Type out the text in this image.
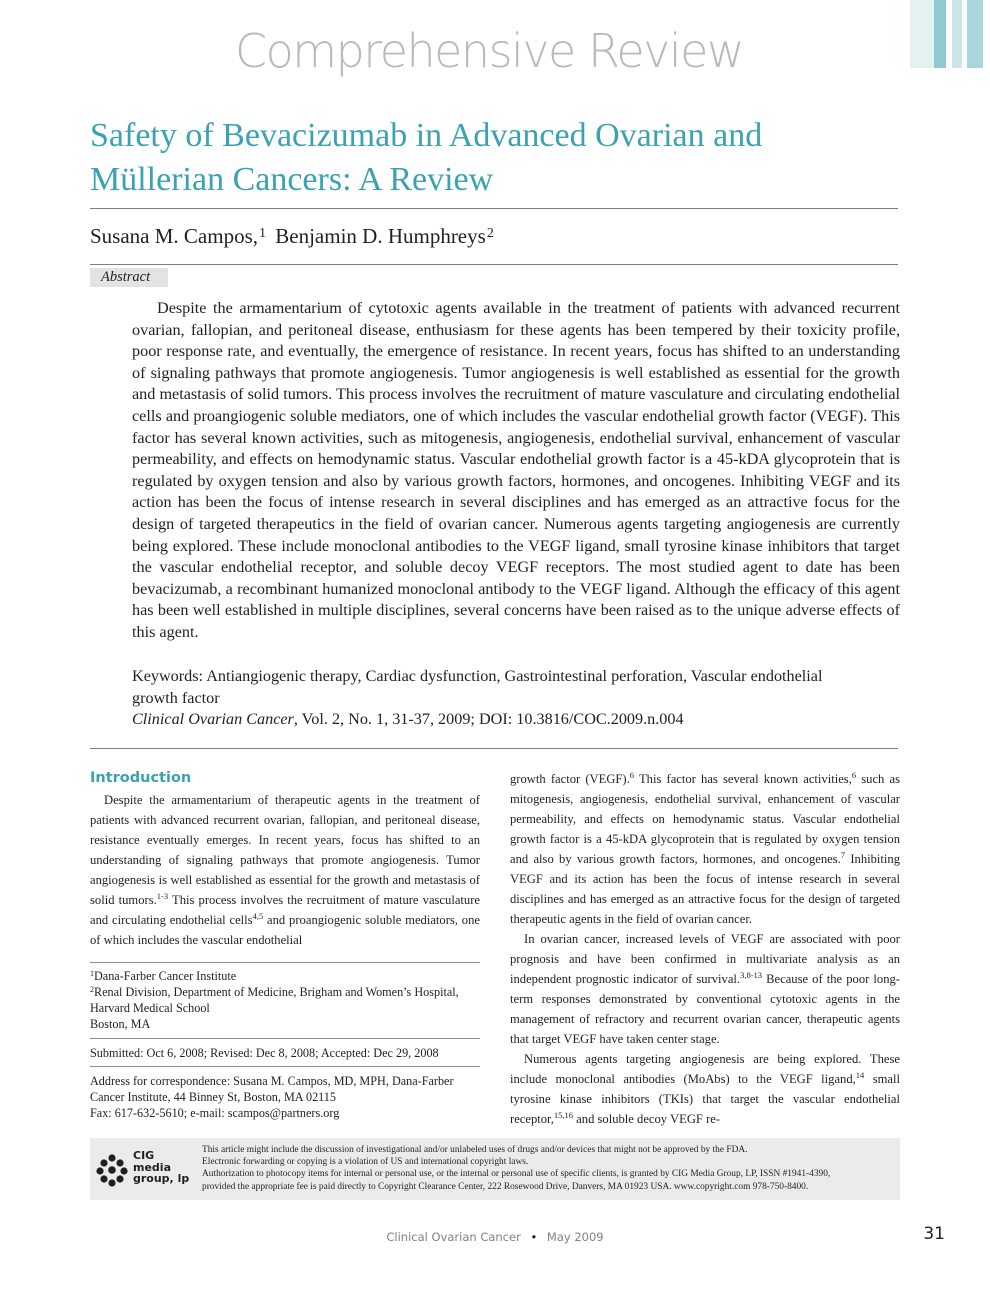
Comprehensive Review
Safety of Bevacizumab in Advanced Ovarian and
Müllerian Cancers: A Review
Susana M. Campos,$^1$ Benjamin D. Humphreys$^2$
Abstract

Despite the armamentarium of cytotoxic agents available in the treatment of patients with advanced recurrent ovarian, fallopian, and peritoneal disease, enthusiasm for these agents has been tempered by their toxicity profile, poor response rate, and eventually, the emergence of resistance. In recent years, focus has shifted to an understanding of signaling pathways that promote angiogenesis. Tumor angiogenesis is well established as essential for the growth and metastasis of solid tumors. This process involves the recruitment of mature vasculature and circulating endothelial cells and proangiogenic soluble mediators, one of which includes the vascular endothelial growth factor (VEGF). This factor has several known activities, such as mitogenesis, angiogenesis, endothelial survival, enhancement of vascular permeability, and effects on hemodynamic status. Vascular endothelial growth factor is a 45-kDA glycoprotein that is regulated by oxygen tension and also by various growth factors, hormones, and oncogenes. Inhibiting VEGF and its action has been the focus of intense research in several disciplines and has emerged as an attractive focus for the design of targeted therapeutics in the field of ovarian cancer. Numerous agents targeting angiogenesis are currently being explored. These include monoclonal antibodies to the VEGF ligand, small tyrosine kinase inhibitors that target the vascular endothelial receptor, and soluble decoy VEGF receptors. The most studied agent to date has been bevacizumab, a recombinant humanized monoclonal antibody to the VEGF ligand. Although the efficacy of this agent has been well established in multiple disciplines, several concerns have been raised as to the unique adverse effects of this agent.

Keywords: Antiangiogenic therapy, Cardiac dysfunction, Gastrointestinal perforation, Vascular endothelial growth factor
Clinical Ovarian Cancer, Vol. 2, No. 1, 31-37, 2009; DOI: 10.3816/COC.2009.n.004
Introduction

Despite the armamentarium of therapeutic agents in the treatment of patients with advanced recurrent ovarian, fallopian, and peritoneal disease, resistance eventually emerges. In recent years, focus has shifted to an understanding of signaling pathways that promote angiogenesis. Tumor angiogenesis is well established as essential for the growth and metastasis of solid tumors.$^{1-3}$ This process involves the recruitment of mature vasculature and circulating endothelial cells$^{4,5}$ and proangiogenic soluble mediators, one of which includes the vascular endothelial

growth factor (VEGF).$^6$ This factor has several known activities,$^6$ such as mitogenesis, angiogenesis, endothelial survival, enhancement of vascular permeability, and effects on hemodynamic status. Vascular endothelial growth factor is a 45-kDA glycoprotein that is regulated by oxygen tension and also by various growth factors, hormones, and oncogenes.$^7$ Inhibiting VEGF and its action has been the focus of intense research in several disciplines and has emerged as an attractive focus for the design of targeted therapeutic agents in the field of ovarian cancer.

In ovarian cancer, increased levels of VEGF are associated with poor prognosis and have been confirmed in multivariate analysis as an independent prognostic indicator of survival.$^{3,8-13}$ Because of the poor long-term responses demonstrated by conventional cytotoxic agents in the management of refractory and recurrent ovarian cancer, therapeutic agents that target VEGF have taken center stage.

Numerous agents targeting angiogenesis are being explored. These include monoclonal antibodies (MoAbs) to the VEGF ligand,$^{14}$ small tyrosine kinase inhibitors (TKIs) that target the vascular endothelial receptor,$^{15,16}$ and soluble decoy VEGF re-

$^1$Dana-Farber Cancer Institute
$^2$Renal Division, Department of Medicine, Brigham and Women’s Hospital,
Harvard Medical School
Boston, MA
Submitted: Oct 6, 2008; Revised: Dec 8, 2008; Accepted: Dec 29, 2008
Address for correspondence: Susana M. Campos, MD, MPH, Dana-Farber
Cancer Institute, 44 Binney St, Boston, MA 02115
Fax: 617-632-5610; e-mail: scampos@partners.org
CIG
media
group, lp
This article might include the discussion of investigational and/or unlabeled uses of drugs and/or devices that might not be approved by the FDA.
Electronic forwarding or copying is a violation of US and international copyright laws.
Authorization to photocopy items for internal or personal use, or the internal or personal use of specific clients, is granted by CIG Media Group, LP, ISSN #1941-4390,
provided the appropriate fee is paid directly to Copyright Clearance Center, 222 Rosewood Drive, Danvers, MA 01923 USA. www.copyright.com 978-750-8400.
Clinical Ovarian Cancer • May 2009	31
